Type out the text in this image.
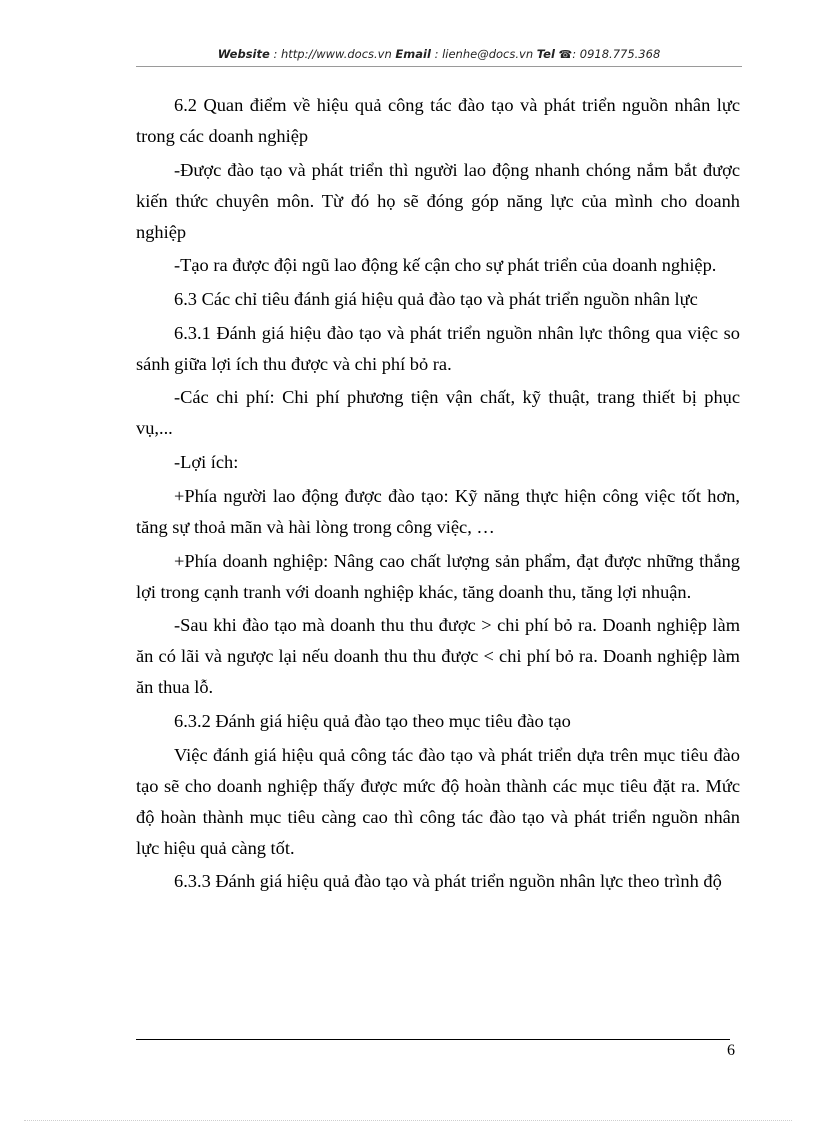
Website : http://www.docs.vn Email : lienhe@docs.vn Tel ☎: 0918.775.368

6.2 Quan điểm về hiệu quả công tác đào tạo và phát triển nguồn nhân lực trong các doanh nghiệp

-Được đào tạo và phát triển thì người lao động nhanh chóng nắm bắt được kiến thức chuyên môn. Từ đó họ sẽ đóng góp năng lực của mình cho doanh nghiệp

-Tạo ra được đội ngũ lao động kế cận cho sự phát triển của doanh nghiệp.

6.3 Các chỉ tiêu đánh giá hiệu quả đào tạo và phát triển nguồn nhân lực

6.3.1 Đánh giá hiệu đào tạo và phát triển nguồn nhân lực thông qua việc so sánh giữa lợi ích thu được và chi phí bỏ ra.

-Các chi phí: Chi phí phương tiện vận chất, kỹ thuật, trang thiết bị phục vụ,...

-Lợi ích:

+Phía người lao động được đào tạo: Kỹ năng thực hiện công việc tốt hơn, tăng sự thoả mãn và hài lòng trong công việc, …

+Phía doanh nghiệp: Nâng cao chất lượng sản phẩm, đạt được những thắng lợi trong cạnh tranh với doanh nghiệp khác, tăng doanh thu, tăng lợi nhuận.

-Sau khi đào tạo mà doanh thu thu được > chi phí bỏ ra. Doanh nghiệp làm ăn có lãi và ngược lại nếu doanh thu thu được < chi phí bỏ ra. Doanh nghiệp làm ăn thua lỗ.

6.3.2 Đánh giá hiệu quả đào tạo theo mục tiêu đào tạo

Việc đánh giá hiệu quả công tác đào tạo và phát triển dựa trên mục tiêu đào tạo sẽ cho doanh nghiệp thấy được mức độ hoàn thành các mục tiêu đặt ra. Mức độ hoàn thành mục tiêu càng cao thì công tác đào tạo và phát triển nguồn nhân lực hiệu quả càng tốt.

6.3.3 Đánh giá hiệu quả đào tạo và phát triển nguồn nhân lực theo trình độ

6
